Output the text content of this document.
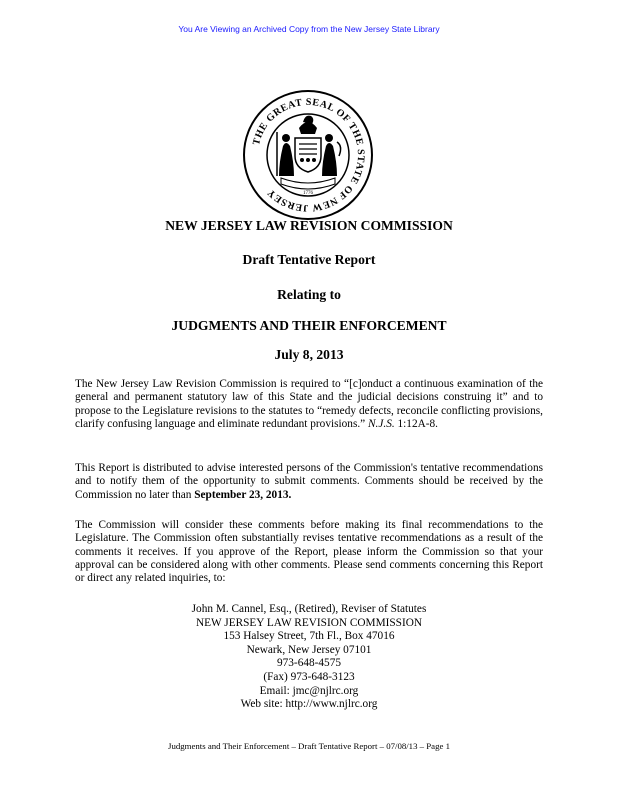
You Are Viewing an Archived Copy from the New Jersey State Library
THE GREAT SEAL OF THE STATE OF NEW JERSEY	1776
NEW JERSEY LAW REVISION COMMISSION
Draft Tentative Report
Relating to
JUDGMENTS AND THEIR ENFORCEMENT
July 8, 2013
The New Jersey Law Revision Commission is required to “[c]onduct a continuous examination of the general and permanent statutory law of this State and the judicial decisions construing it” and to propose to the Legislature revisions to the statutes to “remedy defects, reconcile conflicting provisions, clarify confusing language and eliminate redundant provisions.” N.J.S. 1:12A-8.
This Report is distributed to advise interested persons of the Commission's tentative recommendations and to notify them of the opportunity to submit comments. Comments should be received by the Commission no later than September 23, 2013.
The Commission will consider these comments before making its final recommendations to the Legislature. The Commission often substantially revises tentative recommendations as a result of the comments it receives. If you approve of the Report, please inform the Commission so that your approval can be considered along with other comments. Please send comments concerning this Report or direct any related inquiries, to:
John M. Cannel, Esq., (Retired), Reviser of Statutes
NEW JERSEY LAW REVISION COMMISSION
153 Halsey Street, 7th Fl., Box 47016
Newark, New Jersey 07101
973-648-4575
(Fax) 973-648-3123
Email: jmc@njlrc.org
Web site: http://www.njlrc.org
Judgments and Their Enforcement – Draft Tentative Report – 07/08/13 – Page 1
